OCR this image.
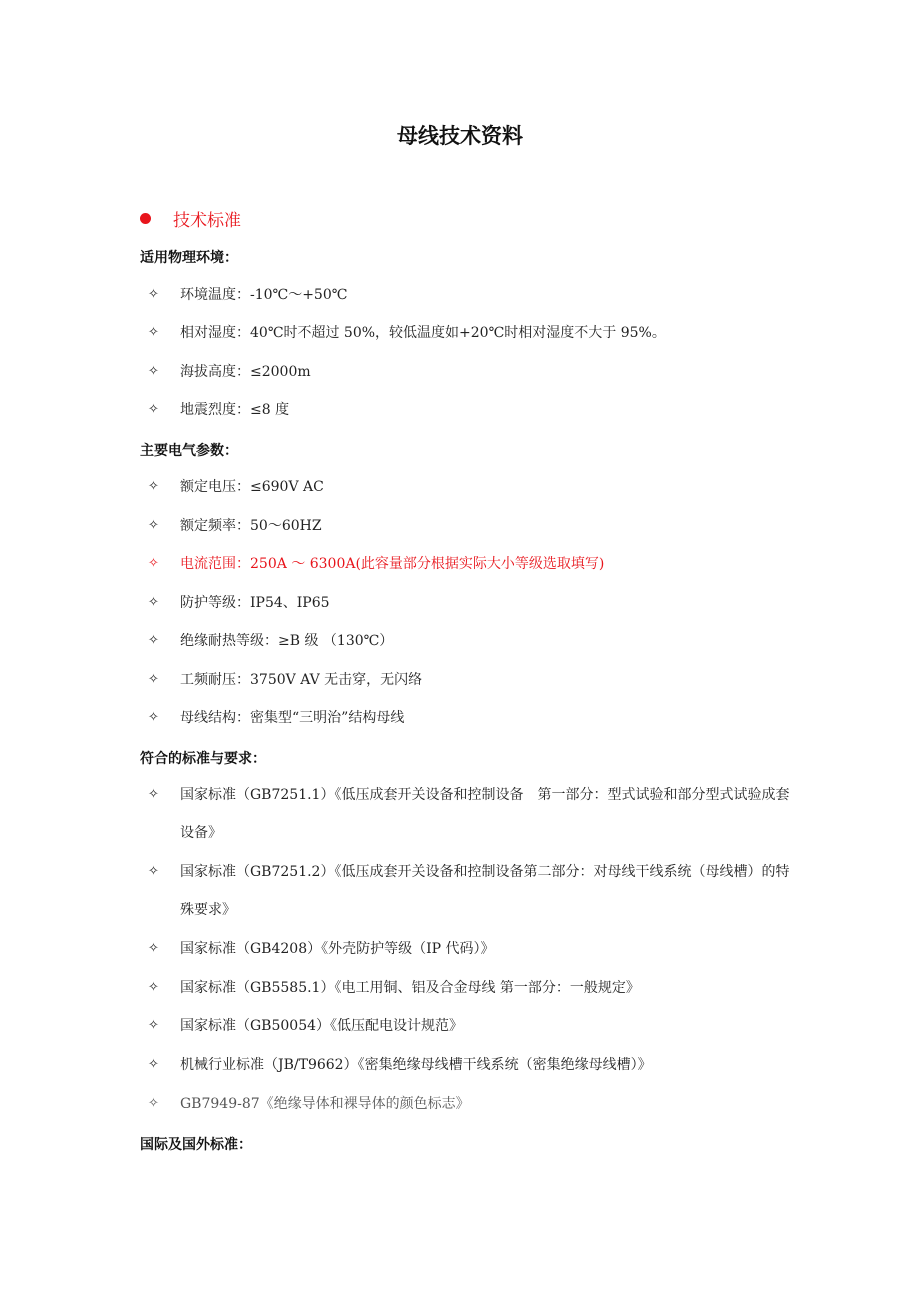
母线技术资料
技术标准
适用物理环境：
✧	环境温度：-10℃～+50℃
✧	相对湿度：40℃时不超过 50%，较低温度如+20℃时相对湿度不大于 95%。
✧	海拔高度：≤2000m
✧	地震烈度：≤8 度
主要电气参数：
✧	额定电压：≤690V AC
✧	额定频率：50～60HZ
✧	电流范围：250A ～ 6300A(此容量部分根据实际大小等级选取填写)
✧	防护等级：IP54、IP65
✧	绝缘耐热等级：≥B 级 （130℃）
✧	工频耐压：3750V AV 无击穿，无闪络
✧	母线结构：密集型“三明治”结构母线
符合的标准与要求：
✧	国家标准（GB7251.1）《低压成套开关设备和控制设备　第一部分：型式试验和部分型式试验成套设备》
✧	国家标准（GB7251.2）《低压成套开关设备和控制设备第二部分：对母线干线系统（母线槽）的特殊要求》
✧	国家标准（GB4208）《外壳防护等级（IP 代码）》
✧	国家标准（GB5585.1）《电工用铜、铝及合金母线 第一部分：一般规定》
✧	国家标准（GB50054）《低压配电设计规范》
✧	机械行业标准（JB/T9662）《密集绝缘母线槽干线系统（密集绝缘母线槽）》
✧	GB7949-87《绝缘导体和裸导体的颜色标志》
国际及国外标准：
